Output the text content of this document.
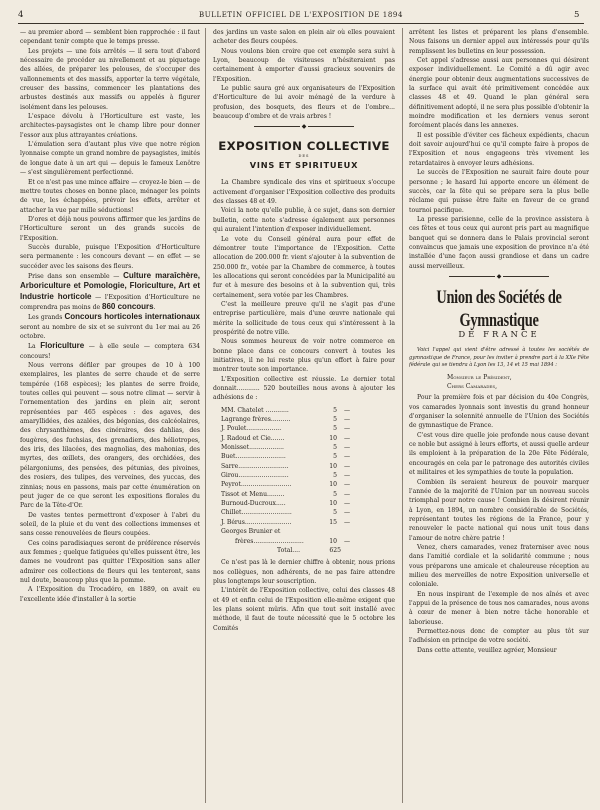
4	BULLETIN OFFICIEL DE L'EXPOSITION DE 1894	5

— au premier abord — semblent bien rapprochée : il faut cependant tenir compte que le temps presse.

Les projets — une fois arrêtés — il sera tout d'abord nécessaire de procéder au nivellement et au piquetage des allées, de préparer les pelouses, de s'occuper des vallonnements et des massifs, apporter la terre végétale, creuser des bassins, commencer les plantations des arbustes destinés aux massifs ou appelés à figurer isolément dans les pelouses.

L'espace dévolu à l'Horticulture est vaste, les architectes-paysagistes ont le champ libre pour donner l'essor aux plus attrayantes créations.

L'émulation sera d'autant plus vive que notre région lyonnaise compte un grand nombre de paysagistes, imités de longue date à un art qui — depuis le fameux Lenôtre — s'est singulièrement perfectionné.

Et ce n'est pas une mince affaire — croyez-le bien — de mettre toutes choses en bonne place, ménager les points de vue, les échappées, prévoir les effets, arrêter et attacher la vue par mille séductions!

D'ores et déjà nous pouvons affirmer que les jardins de l'Horticulture seront un des grands succès de l'Exposition.

Succès durable, puisque l'Exposition d'Horticulture sera permanente : les concours devant — en effet — se succéder avec les saisons des fleurs.

Prise dans son ensemble — Culture maraîchère, Arboriculture et Pomologie, Floriculture, Art et Industrie horticole — l'Exposition d'Horticulture ne comprendra pas moins de 860 concours.

Les grands Concours horticoles internationaux seront au nombre de six et se suivront du 1er mai au 26 octobre.

La Floriculture — à elle seule — comptera 634 concours!

Nous verrons défiler par groupes de 10 à 100 exemplaires, les plantes de serre chaude et de serre tempérée (168 espèces); les plantes de serre froide, toutes celles qui peuvent — sous notre climat — servir à l'ornementation des jardins en plein air, seront représentées par 465 espèces : des agaves, des amaryllidées, des azalées, des bégonias, des calcéolaires, des chrysanthèmes, des cinéraires, des dahlias, des fougères, des fuchsias, des grenadiers, des héliotropes, des iris, des lilacées, des magnolias, des mahonias, des myrtes, des œillets, des orangers, des orchidées, des pélargoniums, des pensées, des pétunias, des pivoines, des rosiers, des tulipes, des verveines, des yuccas, des zinnias; nous en passons, mais par cette énumération on peut juger de ce que seront les expositions florales du Parc de la Tête-d'Or.

De vastes tentes permettront d'exposer à l'abri du soleil, de la pluie et du vent des collections immenses et sans cesse renouvelées de fleurs coupées.

Ces coins paradisiaques seront de préférence réservés aux femmes ; quelque fatiguées qu'elles puissent être, les dames ne voudront pas quitter l'Exposition sans aller admirer ces collections de fleurs qui les tenteront, sans nul doute, beaucoup plus que la pomme.

A l'Exposition du Trocadéro, en 1889, on avait eu l'excellente idée d'installer à la sortie

des jardins un vaste salon en plein air où elles pouvaient acheter des fleurs coupées.

Nous voulons bien croire que cet exemple sera suivi à Lyon, beaucoup de visiteuses n'hésiteraient pas certainement à emporter d'aussi gracieux souvenirs de l'Exposition.

Le public saura gré aux organisateurs de l'Exposition d'Horticulture de lui avoir ménagé de la verdure à profusion, des bosquets, des fleurs et de l'ombre... beaucoup d'ombre et de vrais arbres !

◆
EXPOSITION COLLECTIVE
DES
VINS ET SPIRITUEUX

La Chambre syndicale des vins et spiritueux s'occupe activement d'organiser l'Exposition collective des produits des classes 48 et 49.

Voici la note qu'elle publie, à ce sujet, dans son dernier bulletin, cette note s'adresse également aux personnes qui auraient l'intention d'exposer individuellement.

Le vote du Conseil général aura pour effet de démontrer toute l'importance de l'Exposition. Cette allocation de 200.000 fr. vient s'ajouter à la subvention de 250.000 fr., votée par la Chambre de commerce, à toutes les allocations qui seront concédées par la Municipalité au fur et à mesure des besoins et à la subvention qui, très certainement, sera votée par les Chambres.

C'est la meilleure preuve qu'il ne s'agit pas d'une entreprise particulière, mais d'une œuvre nationale qui mérite la sollicitude de tous ceux qui s'intéressent à la prospérité de notre ville.

Nous sommes heureux de voir notre commerce en bonne place dans ce concours convert à toutes les initiatives, il ne lui reste plus qu'un effort à faire pour montrer toute son importance.

L'Exposition collective est réussie. Le dernier total donnait............ 520 bouteilles nous avons à ajouter les adhésions de :

MM. Chatelet ............	5 —
Lagrange frères..........	5 —
J. Poulet..................	5 —
J. Radoud et Cie.......	10 —
Monisset..................	5 —
Buet..........................	5 —
Sarre..........................	10 —
Girou..........................	5 —
Peyrot..........................	10 —
Tissot et Menu.........	5 —
Burnoud-Ducroux.....	10 —
Chillet..........................	5 —
J. Bérus........................	15 —
Georges Brunier et
frères..........................	10 —
Total....	625

Ce n'est pas là le dernier chiffre à obtenir, nous prions nos collègues, non adhérents, de ne pas faire attendre plus longtemps leur souscription.

L'intérêt de l'Exposition collective, celui des classes 48 et 49 et enfin celui de l'Exposition elle-même exigent que les plans soient mûris. Afin que tout soit installé avec méthode, il faut de toute nécessité que le 5 octobre les Comités

arrêtent les listes et préparent les plans d'ensemble. Nous faisons un dernier appel aux intéressés pour qu'ils remplissent les bulletins en leur possession.

Cet appel s'adresse aussi aux personnes qui désirent exposer individuellement. Le Comité a dû agir avec énergie pour obtenir deux augmentations successives de la surface qui avait été primitivement concédée aux classes 48 et 49. Quand le plan général sera définitivement adopté, il ne sera plus possible d'obtenir la moindre modification et les derniers venus seront forcément placés dans les annexes.

Il est possible d'éviter ces fâcheux expédients, chacun doit savoir aujourd'hui ce qu'il compte faire à propos de l'Exposition et nous engageons très vivement les retardataires à envoyer leurs adhésions.

Le succès de l'Exposition ne saurait faire doute pour personne ; le hasard lui apporte encore un élément de succès, car la fête qui se prépare sera la plus belle réclame qui puisse être faite en faveur de ce grand tournoi pacifique.

La presse parisienne, celle de la province assistera à ces fêtes et tous ceux qui auront pris part au magnifique banquet qui se donnera dans le Palais provincial seront convaincus que jamais une exposition de province n'a été installée d'une façon aussi grandiose et dans un cadre aussi merveilleux.

◆
Union des Sociétés de Gymnastique
DE FRANCE

Voici l'appel qui vient d'être adressé à toutes les sociétés de gymnastique de France, pour les inviter à prendre part à la XXe Fête fédérale qui se tiendra à Lyon les 13, 14 et 15 mai 1894 :

Monsieur le Président,

Chers Camarades,

Pour la première fois et par décision du 40e Congrès, vos camarades lyonnais sont investis du grand honneur d'organiser la solennité annuelle de l'Union des Sociétés de gymnastique de France.

C'est vous dire quelle joie profonde nous cause devant ce noble but assigné à leurs efforts, et aussi quelle ardeur ils emploient à la préparation de la 20e Fête Fédérale, encouragés en cela par le patronage des autorités civiles et militaires et les sympathies de toute la population.

Combien ils seraient heureux de pouvoir marquer l'année de la majorité de l'Union par un nouveau succès triomphal pour notre cause ! Combien ils désirent réunir à Lyon, en 1894, un nombre considérable de Sociétés, représentant toutes les régions de la France, pour y renouveler le pacte national qui nous unit tous dans l'amour de notre chère patrie !

Venez, chers camarades, venez fraterniser avec nous dans l'amitié cordiale et la solidarité commune ; nous vous préparons une amicale et chaleureuse réception au milieu des merveilles de notre Exposition universelle et coloniale.

En nous inspirant de l'exemple de nos aînés et avec l'appui de la présence de tous nos camarades, nous avons à cœur de mener à bien notre tâche honorable et laborieuse.

Permettez-nous donc de compter au plus tôt sur l'adhésion en principe de votre société.

Dans cette attente, veuillez agréer, Monsieur
